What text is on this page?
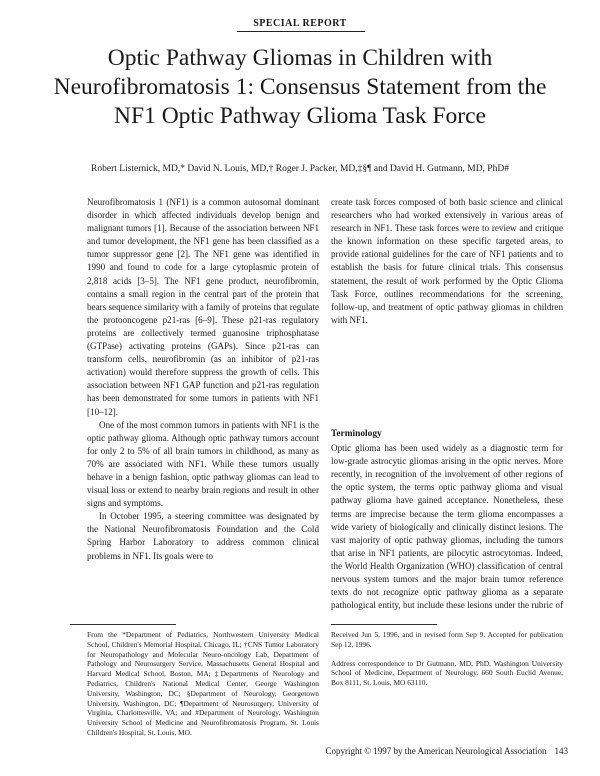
SPECIAL REPORT
Optic Pathway Gliomas in Children with Neurofibromatosis 1: Consensus Statement from the NF1 Optic Pathway Glioma Task Force
Robert Listernick, MD,* David N. Louis, MD,† Roger J. Packer, MD,‡§¶ and David H. Gutmann, MD, PhD#

Neurofibromatosis 1 (NF1) is a common autosomal dominant disorder in which affected individuals develop benign and malignant tumors [1]. Because of the association between NF1 and tumor development, the NF1 gene has been classified as a tumor suppressor gene [2]. The NF1 gene was identified in 1990 and found to code for a large cytoplasmic protein of 2,818 acids [3–5]. The NF1 gene product, neurofibromin, contains a small region in the central part of the protein that bears sequence similarity with a family of proteins that regulate the protooncogene p21-ras [6–9]. These p21-ras regulatory proteins are collectively termed guanosine triphosphatase (GTPase) activating proteins (GAPs). Since p21-ras can transform cells, neurofibromin (as an inhibitor of p21-ras activation) would therefore suppress the growth of cells. This association between NF1 GAP function and p21-ras regulation has been demonstrated for some tumors in patients with NF1 [10–12].

One of the most common tumors in patients with NF1 is the optic pathway glioma. Although optic pathway tumors account for only 2 to 5% of all brain tumors in childhood, as many as 70% are associated with NF1. While these tumors usually behave in a benign fashion, optic pathway gliomas can lead to visual loss or extend to nearby brain regions and result in other signs and symptoms.

In October 1995, a steering committee was designated by the National Neurofibromatosis Foundation and the Cold Spring Harbor Laboratory to address common clinical problems in NF1. Its goals were to

create task forces composed of both basic science and clinical researchers who had worked extensively in various areas of research in NF1. These task forces were to review and critique the known information on these specific targeted areas, to provide rational guidelines for the care of NF1 patients and to establish the basis for future clinical trials. This consensus statement, the result of work performed by the Optic Glioma Task Force, outlines recommendations for the screening, follow-up, and treatment of optic pathway gliomas in children with NF1.

Terminology

Optic glioma has been used widely as a diagnostic term for low-grade astrocytic gliomas arising in the optic nerves. More recently, in recognition of the involvement of other regions of the optic system, the terms optic pathway glioma and visual pathway glioma have gained acceptance. Nonetheless, these terms are imprecise because the term glioma encompasses a wide variety of biologically and clinically distinct lesions. The vast majority of optic pathway gliomas, including the tumors that arise in NF1 patients, are pilocytic astrocytomas. Indeed, the World Health Organization (WHO) classification of central nervous system tumors and the major brain tumor reference texts do not recognize optic pathway glioma as a separate pathological entity, but include these lesions under the rubric of

From the *Department of Pediatrics, Northwestern University Medical School, Children's Memorial Hospital, Chicago, IL; †CNS Tumor Laboratory for Neuropathology and Molecular Neuro-oncology Lab, Department of Pathology and Neurosurgery Service, Massachusetts General Hospital and Harvard Medical School, Boston, MA; ‡Departments of Neurology and Pediatrics, Children's National Medical Center, George Washington University, Washington, DC; §Department of Neurology, Georgetown University, Washington, DC; ¶Department of Neurosurgery, University of Virginia, Charlottesville, VA; and #Department of Neurology, Washington University School of Medicine and Neurofibromatosis Program, St. Louis Children's Hospital, St. Louis, MO.

Received Jun 5, 1996, and in revised form Sep 9. Accepted for publication Sep 12, 1996.

Address correspondence to Dr Gutmann, MD, PhD, Washington University School of Medicine, Department of Neurology, 660 South Euclid Avenue, Box 8111, St. Louis, MO 63110.

Copyright © 1997 by the American Neurological Association 143
